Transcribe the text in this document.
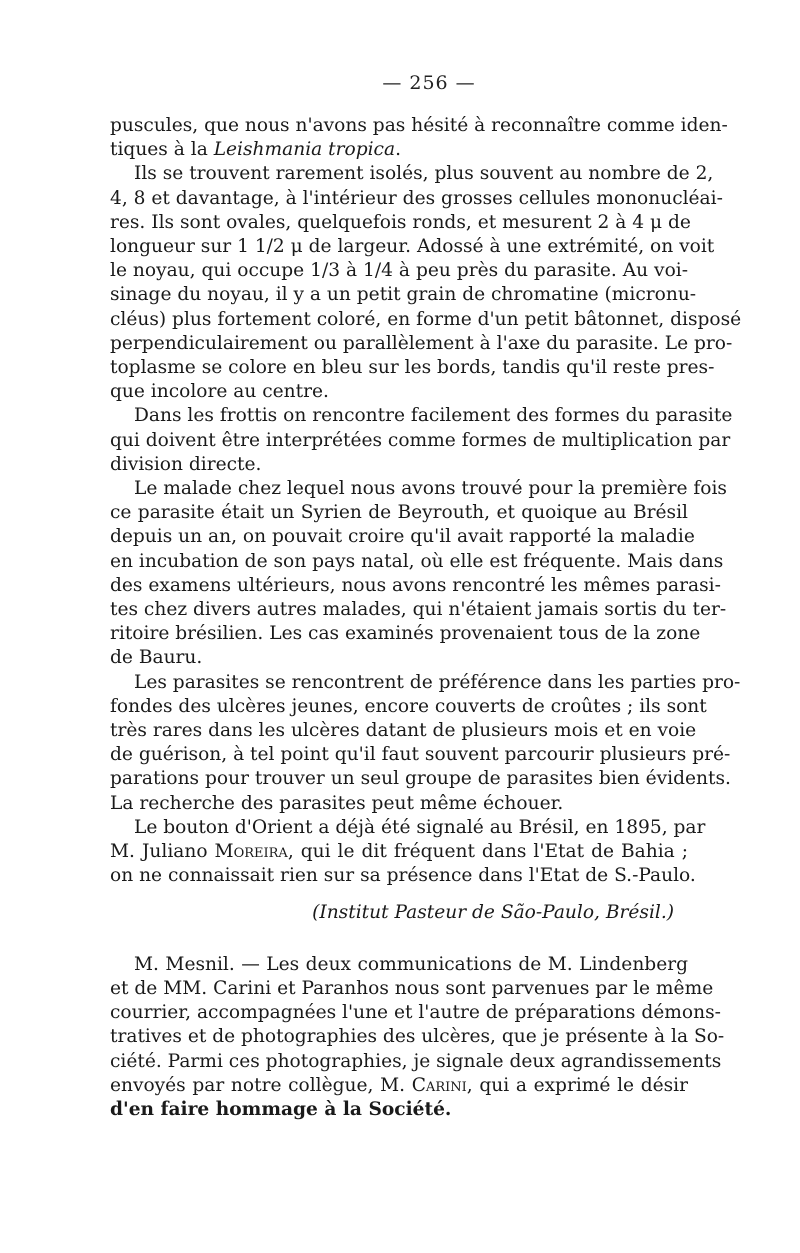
— 256 —
puscules, que nous n'avons pas hésité à reconnaître comme iden-
tiques à la Leishmania tropica.
Ils se trouvent rarement isolés, plus souvent au nombre de 2,
4, 8 et davantage, à l'intérieur des grosses cellules mononucléai-
res. Ils sont ovales, quelquefois ronds, et mesurent 2 à 4 μ de
longueur sur 1 1/2 μ de largeur. Adossé à une extrémité, on voit
le noyau, qui occupe 1/3 à 1/4 à peu près du parasite. Au voi-
sinage du noyau, il y a un petit grain de chromatine (micronu-
cléus) plus fortement coloré, en forme d'un petit bâtonnet, disposé
perpendiculairement ou parallèlement à l'axe du parasite. Le pro-
toplasme se colore en bleu sur les bords, tandis qu'il reste pres-
que incolore au centre.
Dans les frottis on rencontre facilement des formes du parasite
qui doivent être interprétées comme formes de multiplication par
division directe.
Le malade chez lequel nous avons trouvé pour la première fois
ce parasite était un Syrien de Beyrouth, et quoique au Brésil
depuis un an, on pouvait croire qu'il avait rapporté la maladie
en incubation de son pays natal, où elle est fréquente. Mais dans
des examens ultérieurs, nous avons rencontré les mêmes parasi-
tes chez divers autres malades, qui n'étaient jamais sortis du ter-
ritoire brésilien. Les cas examinés provenaient tous de la zone
de Bauru.
Les parasites se rencontrent de préférence dans les parties pro-
fondes des ulcères jeunes, encore couverts de croûtes ; ils sont
très rares dans les ulcères datant de plusieurs mois et en voie
de guérison, à tel point qu'il faut souvent parcourir plusieurs pré-
parations pour trouver un seul groupe de parasites bien évidents.
La recherche des parasites peut même échouer.
Le bouton d'Orient a déjà été signalé au Brésil, en 1895, par
M. Juliano Moreira, qui le dit fréquent dans l'Etat de Bahia ;
on ne connaissait rien sur sa présence dans l'Etat de S.-Paulo.
(Institut Pasteur de São-Paulo, Brésil.)
M. Mesnil. — Les deux communications de M. Lindenberg
et de MM. Carini et Paranhos nous sont parvenues par le même
courrier, accompagnées l'une et l'autre de préparations démons-
tratives et de photographies des ulcères, que je présente à la So-
ciété. Parmi ces photographies, je signale deux agrandissements
envoyés par notre collègue, M. Carini, qui a exprimé le désir
d'en faire hommage à la Société.
